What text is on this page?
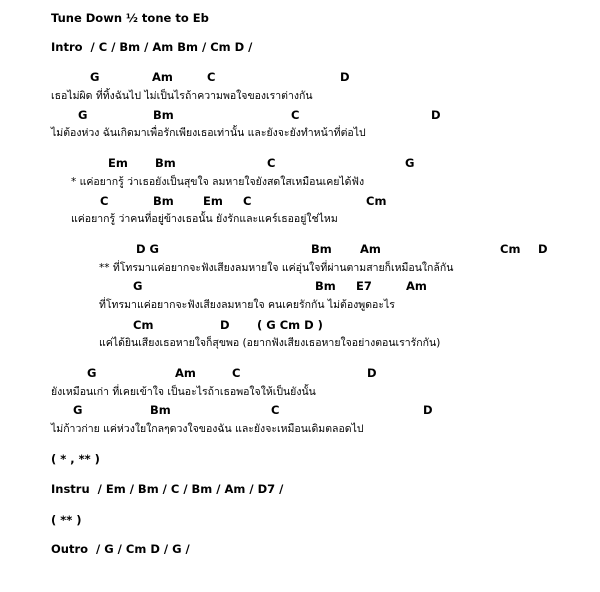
Tune Down ½ tone to Eb
Intro  / C / Bm / Am Bm / Cm D /
G	Am	C	D
เธอไม่ผิด ที่ทิ้งฉันไป ไม่เป็นไรถ้าความพอใจของเราต่างกัน
G	Bm	C	D
ไม่ต้องห่วง ฉันเกิดมาเพื่อรักเพียงเธอเท่านั้น และยังจะยังทำหน้าที่ต่อไป
Em Bm	C	G
* แค่อยากรู้ ว่าเธอยังเป็นสุขใจ ลมหายใจยังสดใสเหมือนเคยได้ฟัง
C	Bm	Em C	Cm
แค่อยากรู้ ว่าคนที่อยู่ข้างเธอนั้น ยังรักและแคร์เธออยู่ใช่ไหม
D G	Bm Am	Cm D
** ที่โทรมาแค่อยากจะฟังเสียงลมหายใจ แค่อุ่นใจที่ผ่านตามสายก็เหมือนใกล้กัน
G	Bm E7	Am
ที่โทรมาแค่อยากจะฟังเสียงลมหายใจ คนเคยรักกัน ไม่ต้องพูดอะไร
Cm	D ( G Cm D )
แค่ได้ยินเสียงเธอหายใจก็สุขพอ (อยากฟังเสียงเธอหายใจอย่างตอนเรารักกัน)
G	Am	C	D
ยังเหมือนเก่า ที่เคยเข้าใจ เป็นอะไรถ้าเธอพอใจให้เป็นยังนั้น
G	Bm	C	D
ไม่ก้าวก่าย แค่ห่วงใยใกลๆดวงใจของฉัน และยังจะเหมือนเดิมตลอดไป
( * , ** )
Instru  / Em / Bm / C / Bm / Am / D7 /
( ** )
Outro  / G / Cm D / G /
